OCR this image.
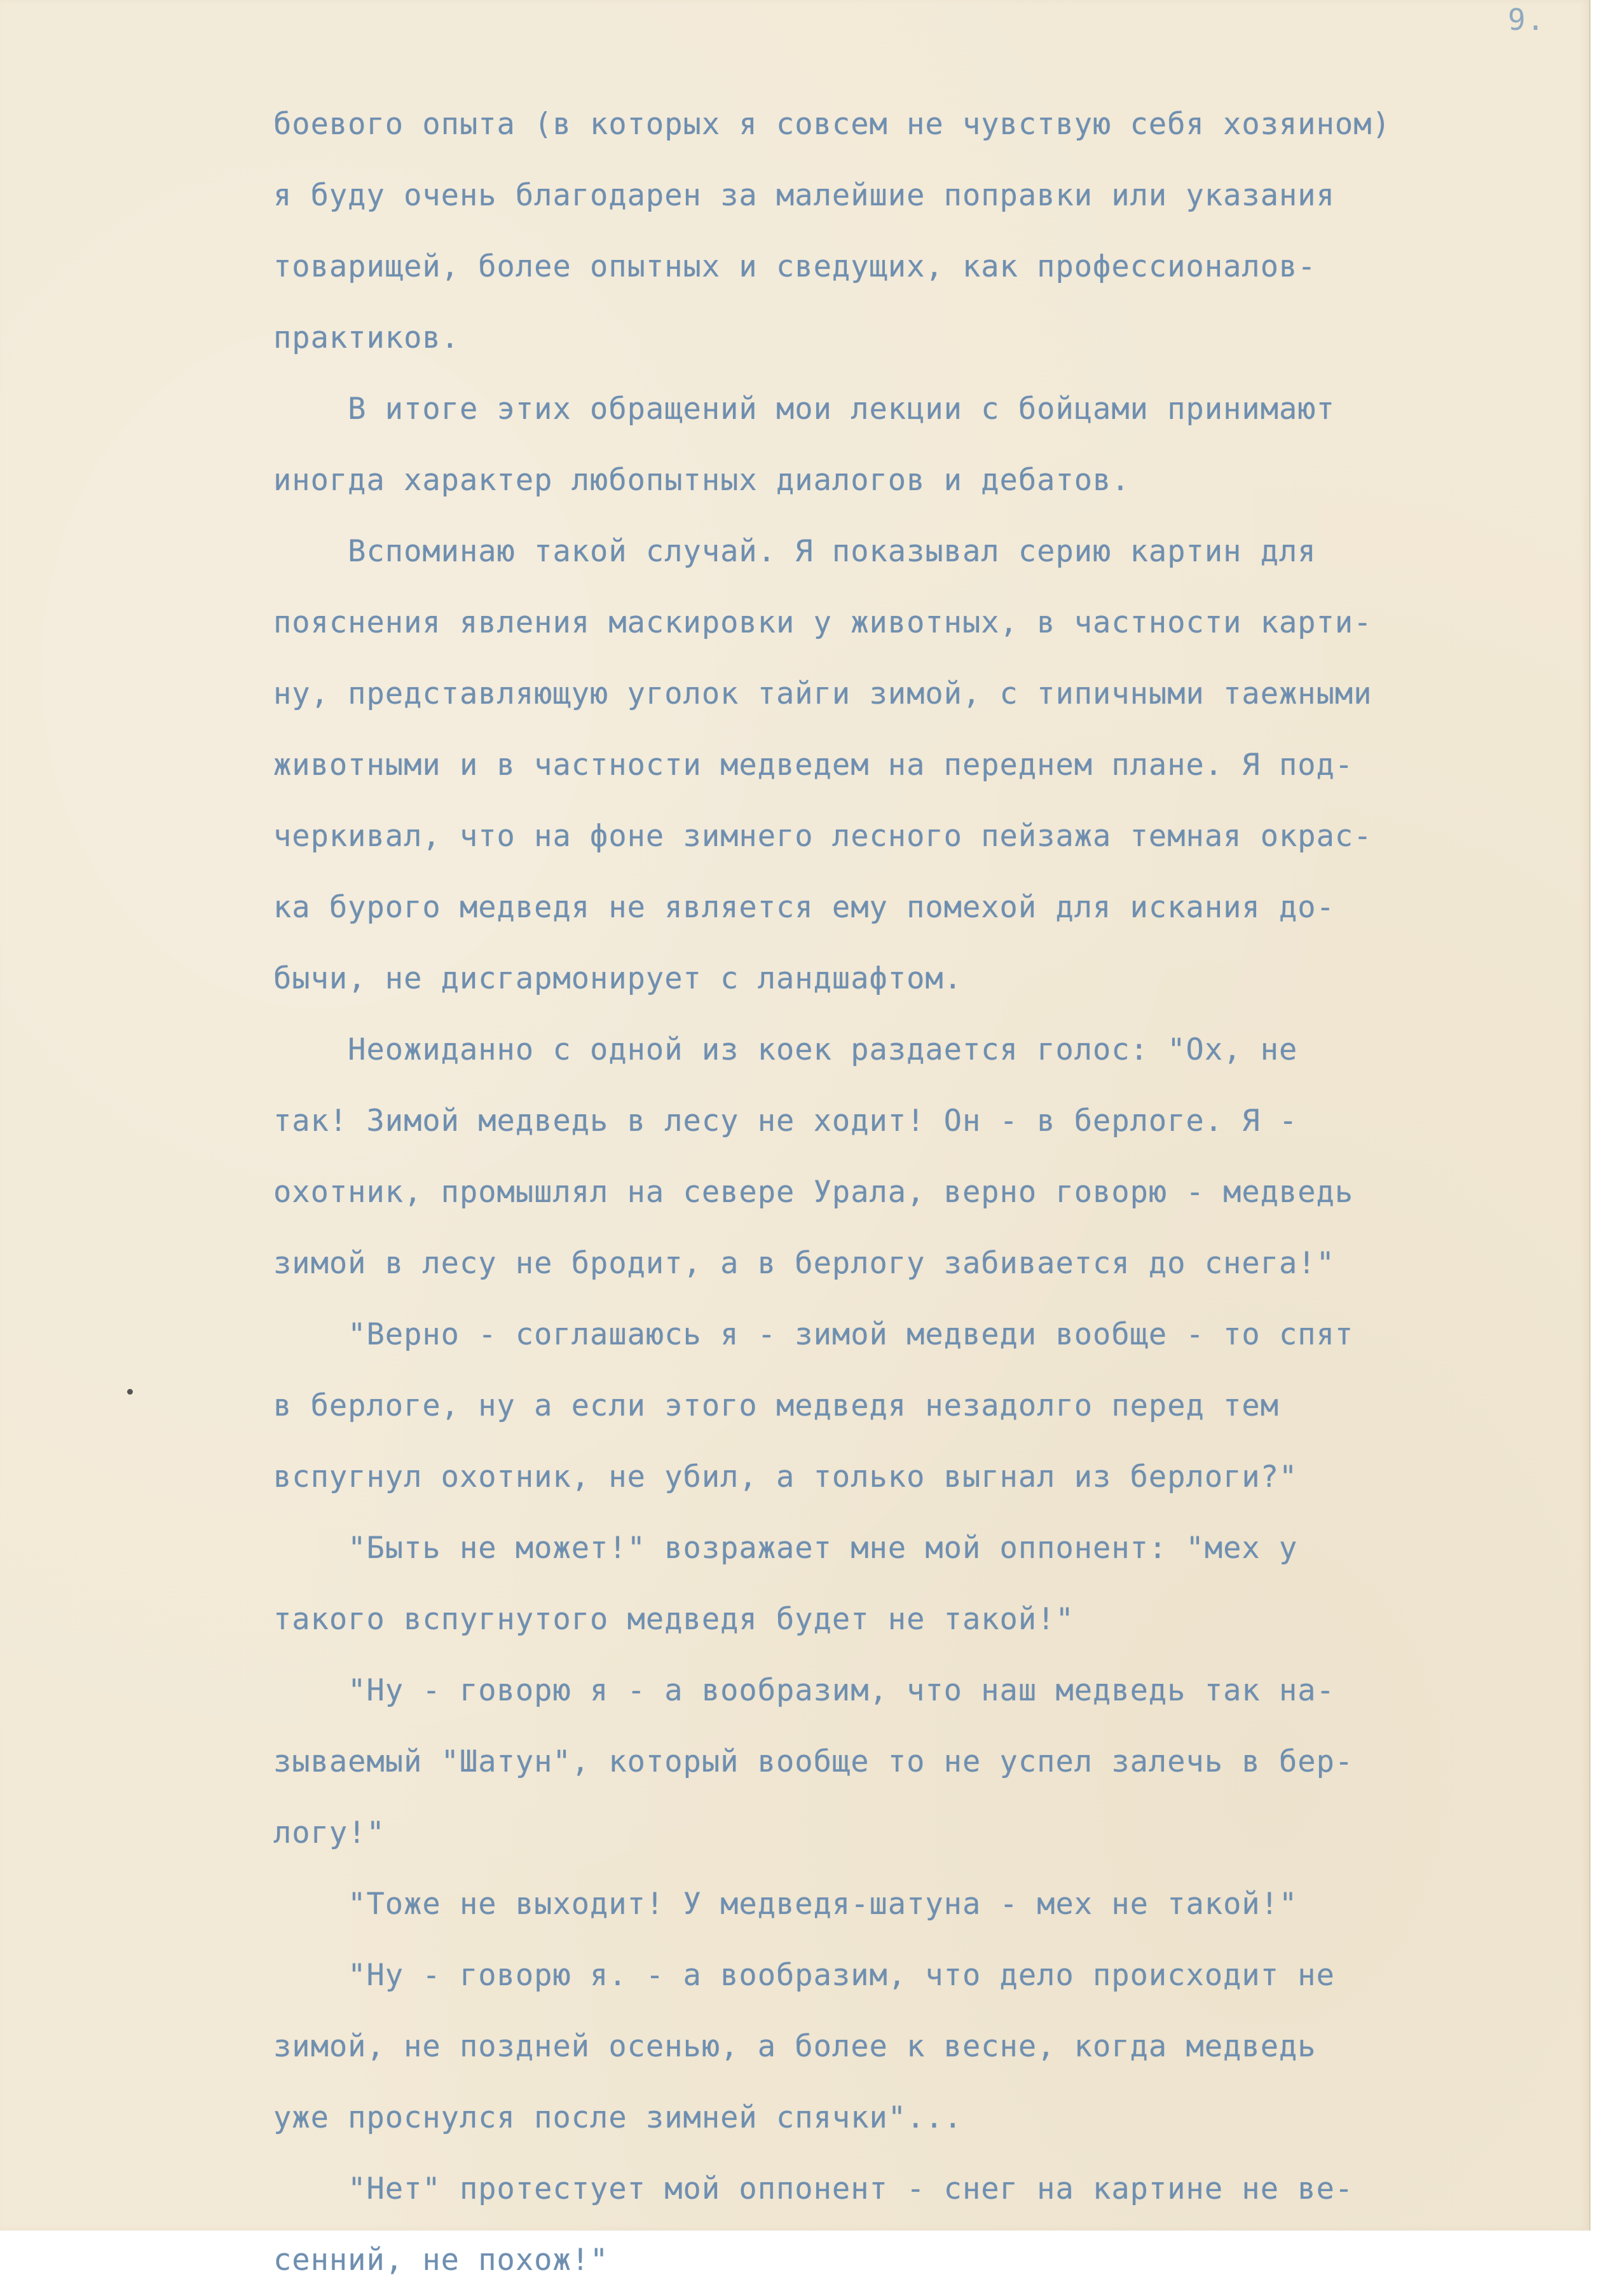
9.
боевого опыта (в которых я совсем не чувствую себя хозяином)
я буду очень благодарен за малейшие поправки или указания
товарищей, более опытных и сведущих, как профессионалов-
практиков.
В итоге этих обращений мои лекции с бойцами принимают
иногда характер любопытных диалогов и дебатов.
Вспоминаю такой случай. Я показывал серию картин для
пояснения явления маскировки у животных, в частности карти-
ну, представляющую уголок тайги зимой, с типичными таежными
животными и в частности медведем на переднем плане. Я под-
черкивал, что на фоне зимнего лесного пейзажа темная окрас-
ка бурого медведя не является ему помехой для искания до-
бычи, не дисгармонирует с ландшафтом.
Неожиданно с одной из коек раздается голос: "Ох, не
так! Зимой медведь в лесу не ходит! Он - в берлоге. Я -
охотник, промышлял на севере Урала, верно говорю - медведь
зимой в лесу не бродит, а в берлогу забивается до снега!"
"Верно - соглашаюсь я - зимой медведи вообще - то спят
в берлоге, ну а если этого медведя незадолго перед тем
вспугнул охотник, не убил, а только выгнал из берлоги?"
"Быть не может!" возражает мне мой оппонент: "мех у
такого вспугнутого медведя будет не такой!"
"Ну - говорю я - а вообразим, что наш медведь так на-
зываемый "Шатун", который вообще то не успел залечь в бер-
логу!"
"Тоже не выходит! У медведя-шатуна - мех не такой!"
"Ну - говорю я. - а вообразим, что дело происходит не
зимой, не поздней осенью, а более к весне, когда медведь
уже проснулся после зимней спячки"...
"Нет" протестует мой оппонент - снег на картине не ве-
сенний, не похож!"
